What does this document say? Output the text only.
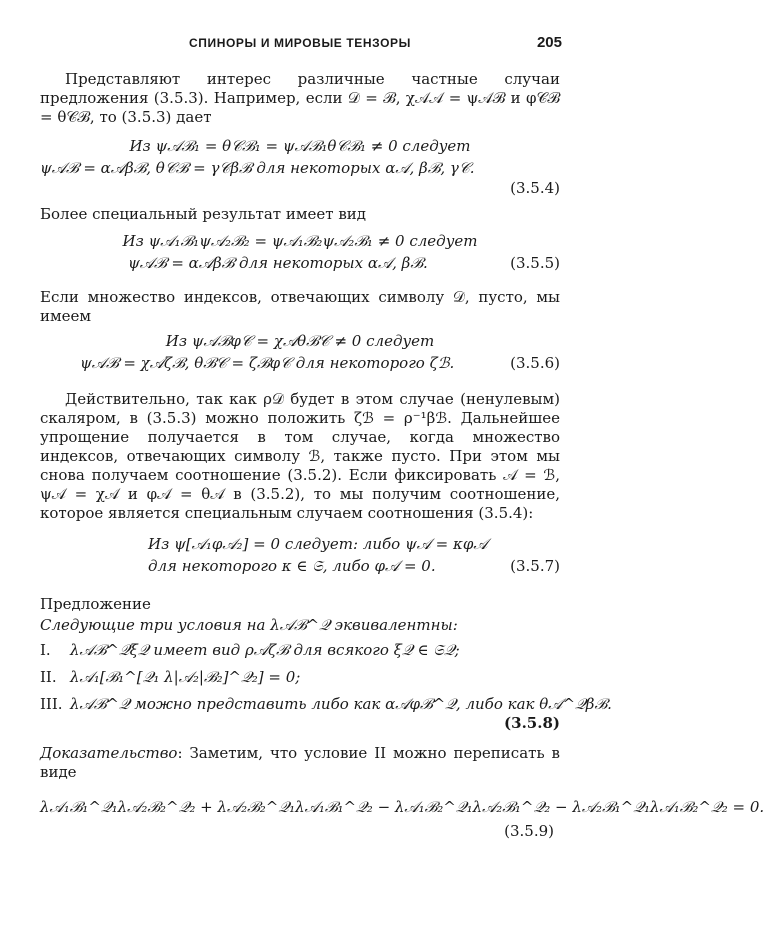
СПИНОРЫ И МИРОВЫЕ ТЕНЗОРЫ	205

Представляют интерес различные частные случаи предложения (3.5.3). Например, если 𝒟 = ℬ, χ𝒜𝒜 = ψ𝒜ℬ и φ𝒞ℬ = θ𝒞ℬ, то (3.5.3) дает

Из ψ𝒜ℬ₁ = θ𝒞ℬ₁ = ψ𝒜ℬ₁θ𝒞ℬ₁ ≠ 0 следует
ψ𝒜ℬ = α𝒜βℬ, θ𝒞ℬ = γ𝒞βℬ для некоторых α𝒜, βℬ, γ𝒞.
(3.5.4)

Более специальный результат имеет вид

Из ψ𝒜₁ℬ₁ψ𝒜₂ℬ₂ = ψ𝒜₁ℬ₂ψ𝒜₂ℬ₁ ≠ 0 следует
ψ𝒜ℬ = α𝒜βℬ для некоторых α𝒜, βℬ.	(3.5.5)

Если множество индексов, отвечающих символу 𝒟, пусто, мы имеем

Из ψ𝒜ℬφ𝒞 = χ𝒜θℬ𝒞 ≠ 0 следует
ψ𝒜ℬ = χ𝒜ζℬ, θℬ𝒞 = ζℬφ𝒞 для некоторого ζℬ.	(3.5.6)

Действительно, так как ρ𝒟 будет в этом случае (ненулевым) скаляром, в (3.5.3) можно положить ζℬ = ρ⁻¹βℬ. Дальнейшее упрощение получается в том случае, когда множество индексов, отвечающих символу ℬ, также пусто. При этом мы снова получаем соотношение (3.5.2). Если фиксировать 𝒜 = ℬ, ψ𝒜 = χ𝒜 и φ𝒜 = θ𝒜 в (3.5.2), то мы получим соотношение, которое является специальным случаем соотношения (3.5.4):

Из ψ[𝒜₁φ𝒜₂] = 0 следует: либо ψ𝒜 = κφ𝒜
для некоторого κ ∈ 𝔖, либо φ𝒜 = 0.	(3.5.7)
Предложение
Следующие три условия на λ𝒜ℬ^𝒬 эквивалентны:
I. λ𝒜ℬ^𝒬ξ𝒬 имеет вид ρ𝒜ζℬ для всякого ξ𝒬 ∈ 𝔖𝒬;
II. λ𝒜₁[ℬ₁^[𝒬₁ λ|𝒜₂|ℬ₂]^𝒬₂] = 0;
III. λ𝒜ℬ^𝒬 можно представить либо как α𝒜φℬ^𝒬, либо как θ𝒜^𝒬βℬ.
(3.5.8)

Доказательство: Заметим, что условие II можно переписать в виде

λ𝒜₁ℬ₁^𝒬₁λ𝒜₂ℬ₂^𝒬₂ + λ𝒜₂ℬ₂^𝒬₁λ𝒜₁ℬ₁^𝒬₂ − λ𝒜₁ℬ₂^𝒬₁λ𝒜₂ℬ₁^𝒬₂ − λ𝒜₂ℬ₁^𝒬₁λ𝒜₁ℬ₂^𝒬₂ = 0.
(3.5.9)
